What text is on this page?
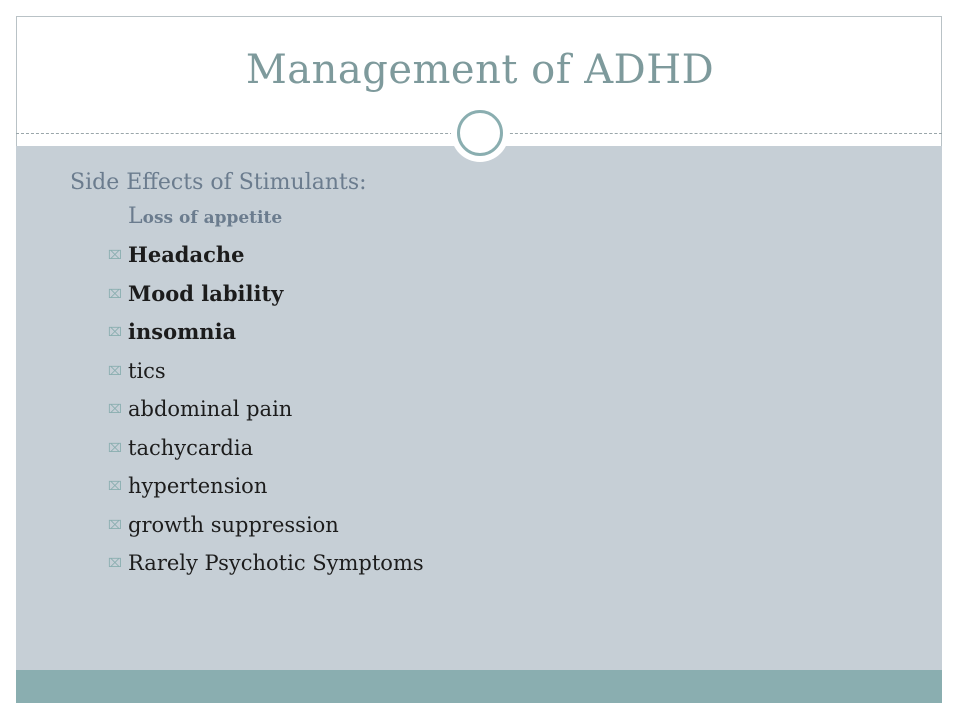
Management of ADHD
Side Effects of Stimulants:
Loss of appetite
⌧ Headache
⌧ Mood lability
⌧ insomnia
⌧ tics
⌧ abdominal pain
⌧ tachycardia
⌧ hypertension
⌧ growth suppression
⌧ Rarely Psychotic Symptoms
